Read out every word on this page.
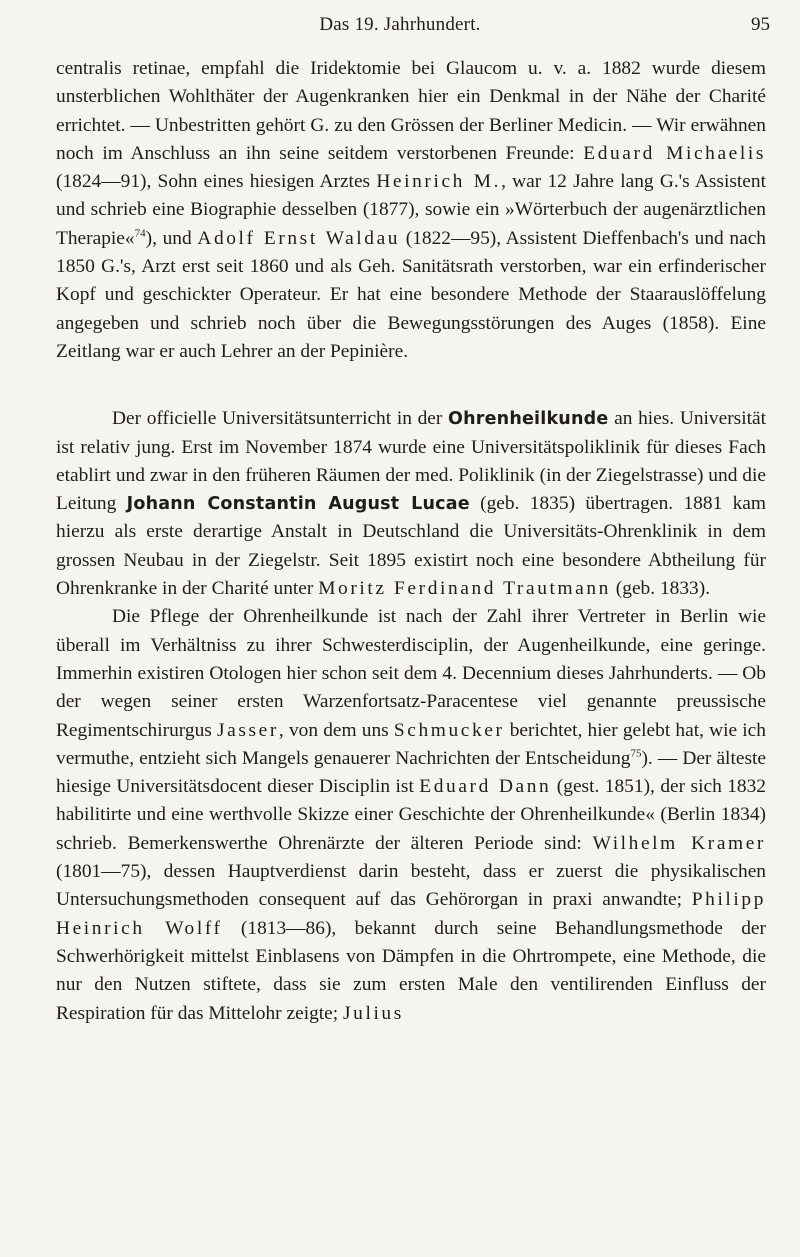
Das 19. Jahrhundert.	95

centralis retinae, empfahl die Iridektomie bei Glaucom u. v. a. 1882 wurde diesem unsterblichen Wohlthäter der Augenkranken hier ein Denkmal in der Nähe der Charité errichtet. — Unbestritten gehört G. zu den Grössen der Berliner Medicin. — Wir erwähnen noch im Anschluss an ihn seine seitdem verstorbenen Freunde: Eduard Michaelis (1824—91), Sohn eines hiesigen Arztes Heinrich M., war 12 Jahre lang G.'s Assistent und schrieb eine Biographie desselben (1877), sowie ein »Wörterbuch der augenärztlichen Therapie«$^{74}$), und Adolf Ernst Waldau (1822—95), Assistent Dieffenbach's und nach 1850 G.'s, Arzt erst seit 1860 und als Geh. Sanitätsrath verstorben, war ein erfinderischer Kopf und geschickter Operateur. Er hat eine besondere Methode der Staarauslöffelung angegeben und schrieb noch über die Bewegungsstörungen des Auges (1858). Eine Zeitlang war er auch Lehrer an der Pepinière.

Der officielle Universitätsunterricht in der Ohrenheilkunde an hies. Universität ist relativ jung. Erst im November 1874 wurde eine Universitätspoliklinik für dieses Fach etablirt und zwar in den früheren Räumen der med. Poliklinik (in der Ziegelstrasse) und die Leitung Johann Constantin August Lucae (geb. 1835) übertragen. 1881 kam hierzu als erste derartige Anstalt in Deutschland die Universitäts-Ohrenklinik in dem grossen Neubau in der Ziegelstr. Seit 1895 existirt noch eine besondere Abtheilung für Ohrenkranke in der Charité unter Moritz Ferdinand Trautmann (geb. 1833).

Die Pflege der Ohrenheilkunde ist nach der Zahl ihrer Vertreter in Berlin wie überall im Verhältniss zu ihrer Schwesterdisciplin, der Augenheilkunde, eine geringe. Immerhin existiren Otologen hier schon seit dem 4. Decennium dieses Jahrhunderts. — Ob der wegen seiner ersten Warzenfortsatz-Paracentese viel genannte preussische Regimentschirurgus Jasser, von dem uns Schmucker berichtet, hier gelebt hat, wie ich vermuthe, entzieht sich Mangels genauerer Nachrichten der Entscheidung$^{75}$). — Der älteste hiesige Universitätsdocent dieser Disciplin ist Eduard Dann (gest. 1851), der sich 1832 habilitirte und eine werthvolle Skizze einer Geschichte der Ohrenheilkunde« (Berlin 1834) schrieb. Bemerkenswerthe Ohrenärzte der älteren Periode sind: Wilhelm Kramer (1801—75), dessen Hauptverdienst darin besteht, dass er zuerst die physikalischen Untersuchungsmethoden consequent auf das Gehörorgan in praxi anwandte; Philipp Heinrich Wolff (1813—86), bekannt durch seine Behandlungsmethode der Schwerhörigkeit mittelst Einblasens von Dämpfen in die Ohrtrompete, eine Methode, die nur den Nutzen stiftete, dass sie zum ersten Male den ventilirenden Einfluss der Respiration für das Mittelohr zeigte; Julius
